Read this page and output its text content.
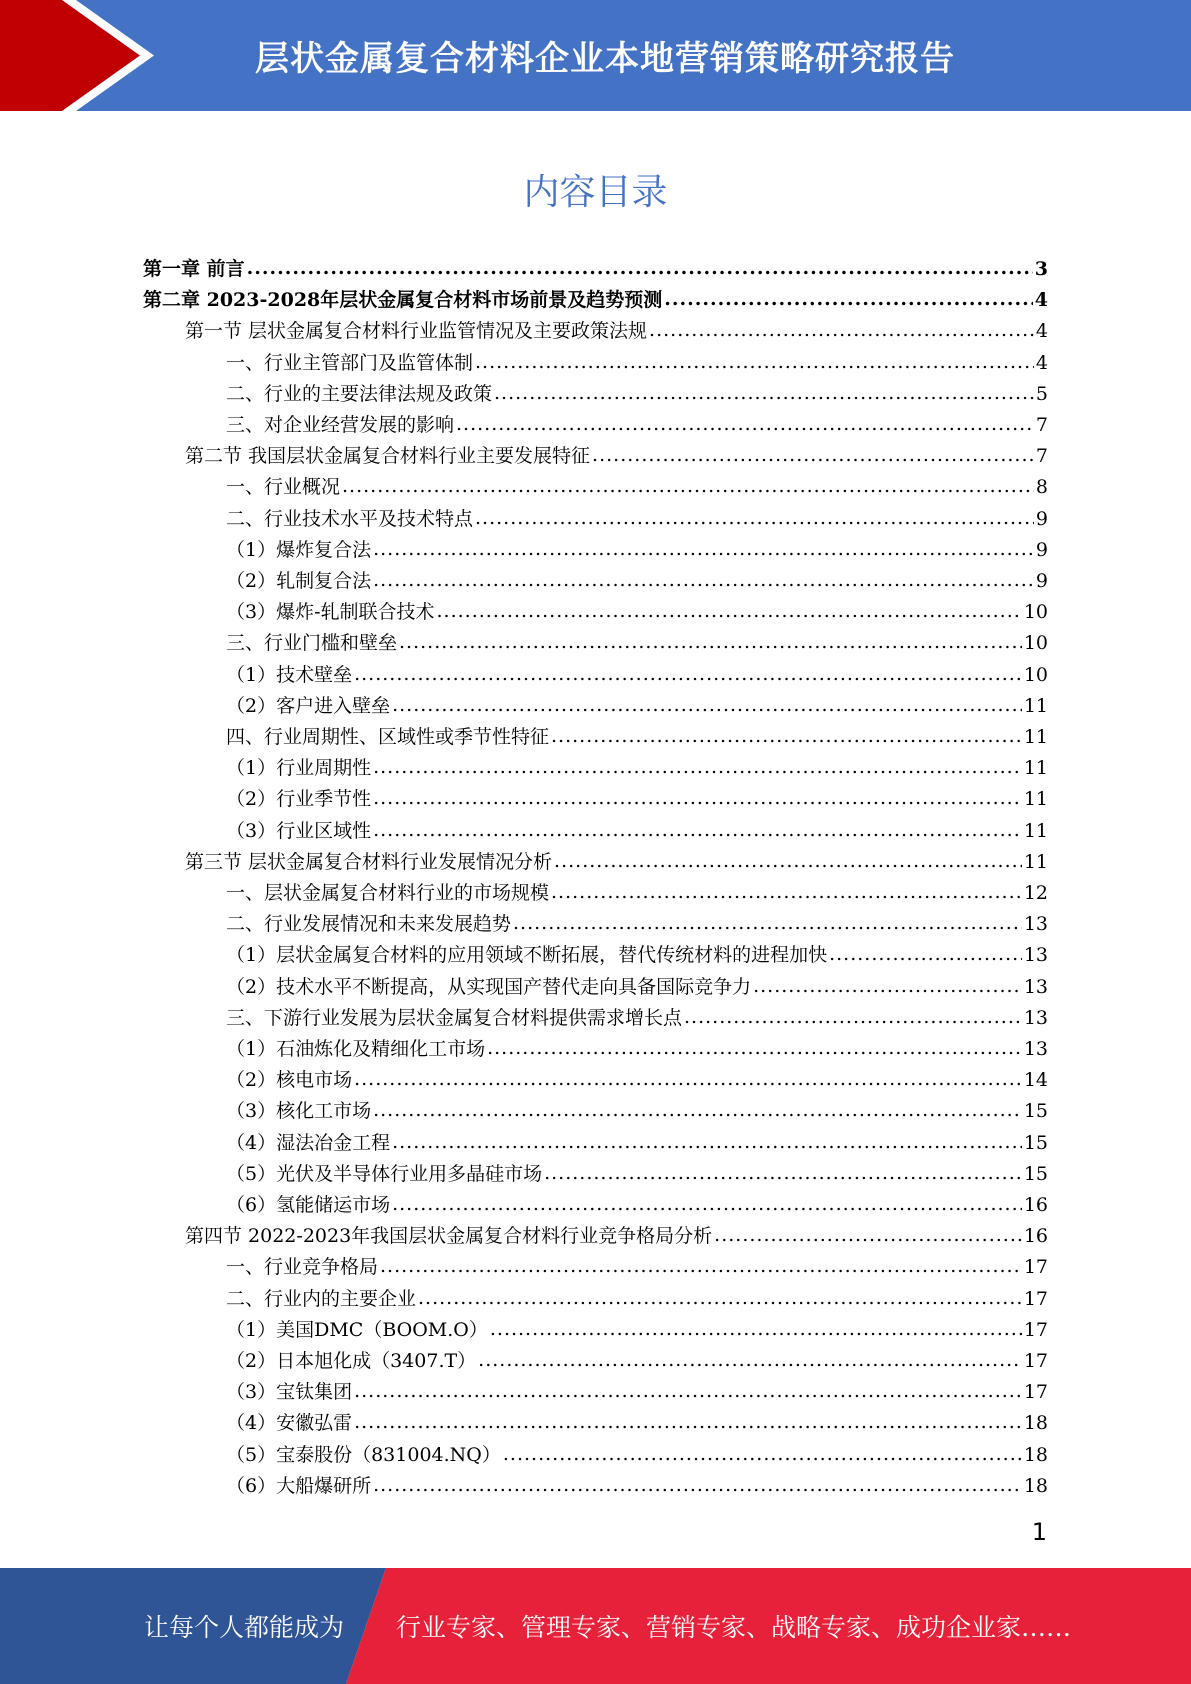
层状金属复合材料企业本地营销策略研究报告
内容目录
第一章 前言 .....	3
第二章 2023-2028年层状金属复合材料市场前景及趋势预测 .....	4
第一节 层状金属复合材料行业监管情况及主要政策法规 .....	4
一、行业主管部门及监管体制 .....	4
二、行业的主要法律法规及政策 .....	5
三、对企业经营发展的影响 .....	7
第二节 我国层状金属复合材料行业主要发展特征 .....	7
一、行业概况 .....	8
二、行业技术水平及技术特点 .....	9
（1）爆炸复合法 .....	9
（2）轧制复合法 .....	9
（3）爆炸-轧制联合技术 .....	10
三、行业门槛和壁垒 .....	10
（1）技术壁垒 .....	10
（2）客户进入壁垒 .....	11
四、行业周期性、区域性或季节性特征 .....	11
（1）行业周期性 .....	11
（2）行业季节性 .....	11
（3）行业区域性 .....	11
第三节 层状金属复合材料行业发展情况分析 .....	11
一、层状金属复合材料行业的市场规模 .....	12
二、行业发展情况和未来发展趋势 .....	13
（1）层状金属复合材料的应用领域不断拓展，替代传统材料的进程加快 .....	13
（2）技术水平不断提高，从实现国产替代走向具备国际竞争力 .....	13
三、下游行业发展为层状金属复合材料提供需求增长点 .....	13
（1）石油炼化及精细化工市场 .....	13
（2）核电市场 .....	14
（3）核化工市场 .....	15
（4）湿法冶金工程 .....	15
（5）光伏及半导体行业用多晶硅市场 .....	15
（6）氢能储运市场 .....	16
第四节 2022-2023年我国层状金属复合材料行业竞争格局分析 .....	16
一、行业竞争格局 .....	17
二、行业内的主要企业 .....	17
（1）美国DMC（BOOM.O） .....	17
（2）日本旭化成（3407.T） .....	17
（3）宝钛集团 .....	17
（4）安徽弘雷 .....	18
（5）宝泰股份（831004.NQ） .....	18
（6）大船爆研所 .....	18
1
让每个人都能成为 行业专家、管理专家、营销专家、战略专家、成功企业家……
